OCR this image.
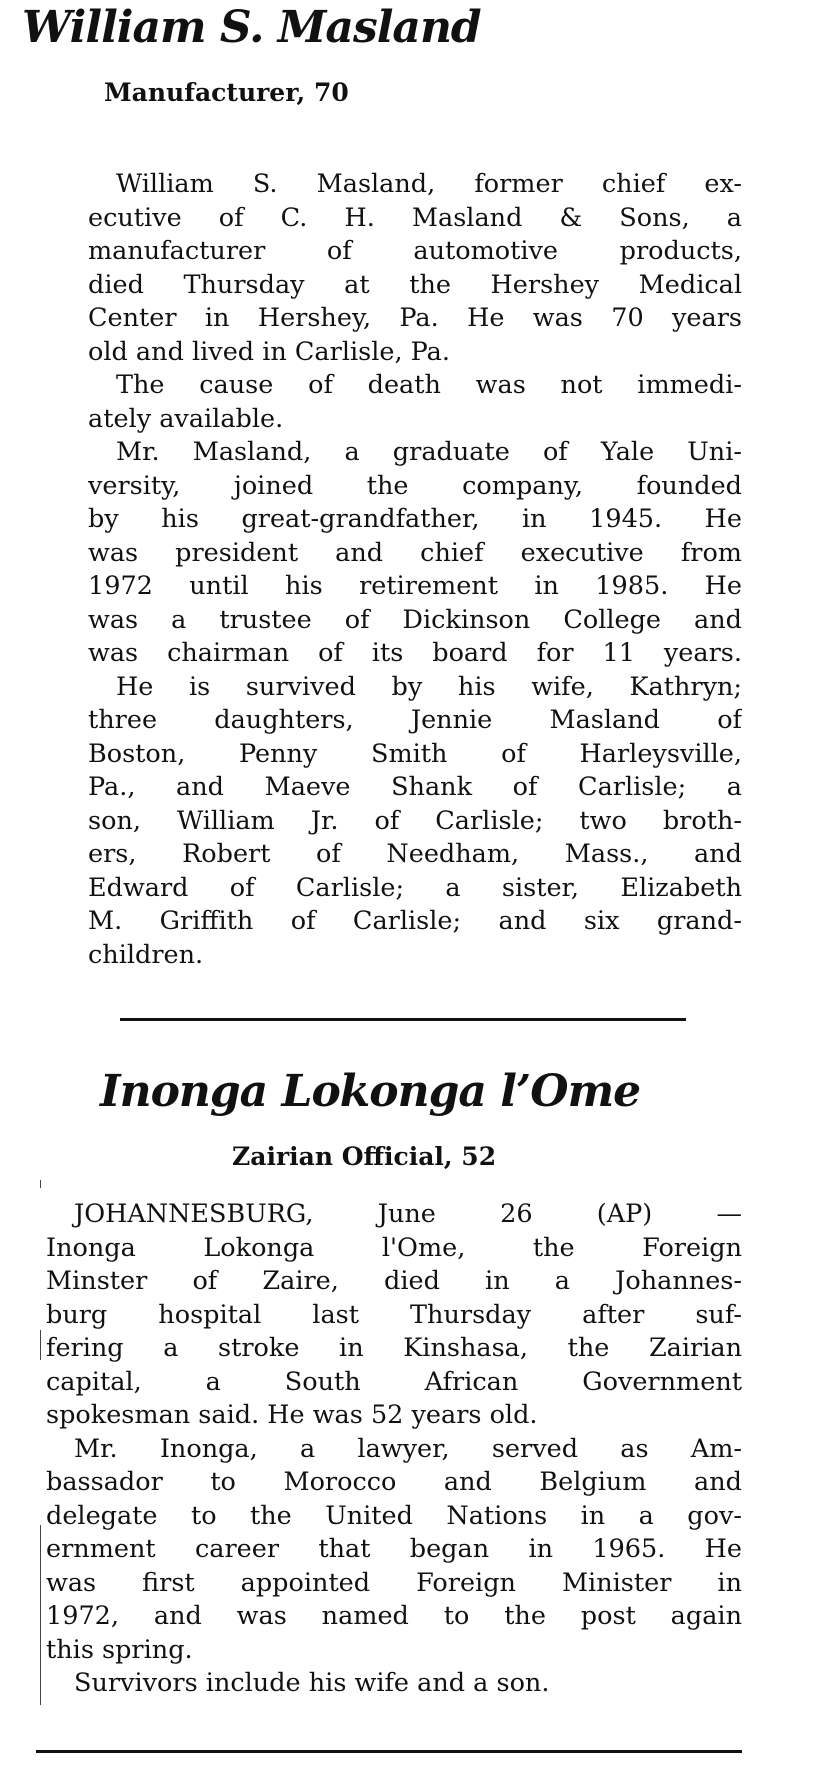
William S. Masland
Manufacturer, 70
William S. Masland, former chief ex-
ecutive of C. H. Masland & Sons, a
manufacturer of automotive products,
died Thursday at the Hershey Medical
Center in Hershey, Pa. He was 70 years
old and lived in Carlisle, Pa.
The cause of death was not immedi-
ately available.
Mr. Masland, a graduate of Yale Uni-
versity, joined the company, founded
by his great-grandfather, in 1945. He
was president and chief executive from
1972 until his retirement in 1985. He
was a trustee of Dickinson College and
was chairman of its board for 11 years.
He is survived by his wife, Kathryn;
three daughters, Jennie Masland of
Boston, Penny Smith of Harleysville,
Pa., and Maeve Shank of Carlisle; a
son, William Jr. of Carlisle; two broth-
ers, Robert of Needham, Mass., and
Edward of Carlisle; a sister, Elizabeth
M. Griffith of Carlisle; and six grand-
children.
Inonga Lokonga l’Ome
Zairian Official, 52
JOHANNESBURG, June 26 (AP) —
Inonga Lokonga l'Ome, the Foreign
Minster of Zaire, died in a Johannes-
burg hospital last Thursday after suf-
fering a stroke in Kinshasa, the Zairian
capital, a South African Government
spokesman said. He was 52 years old.
Mr. Inonga, a lawyer, served as Am-
bassador to Morocco and Belgium and
delegate to the United Nations in a gov-
ernment career that began in 1965. He
was first appointed Foreign Minister in
1972, and was named to the post again
this spring.
Survivors include his wife and a son.
